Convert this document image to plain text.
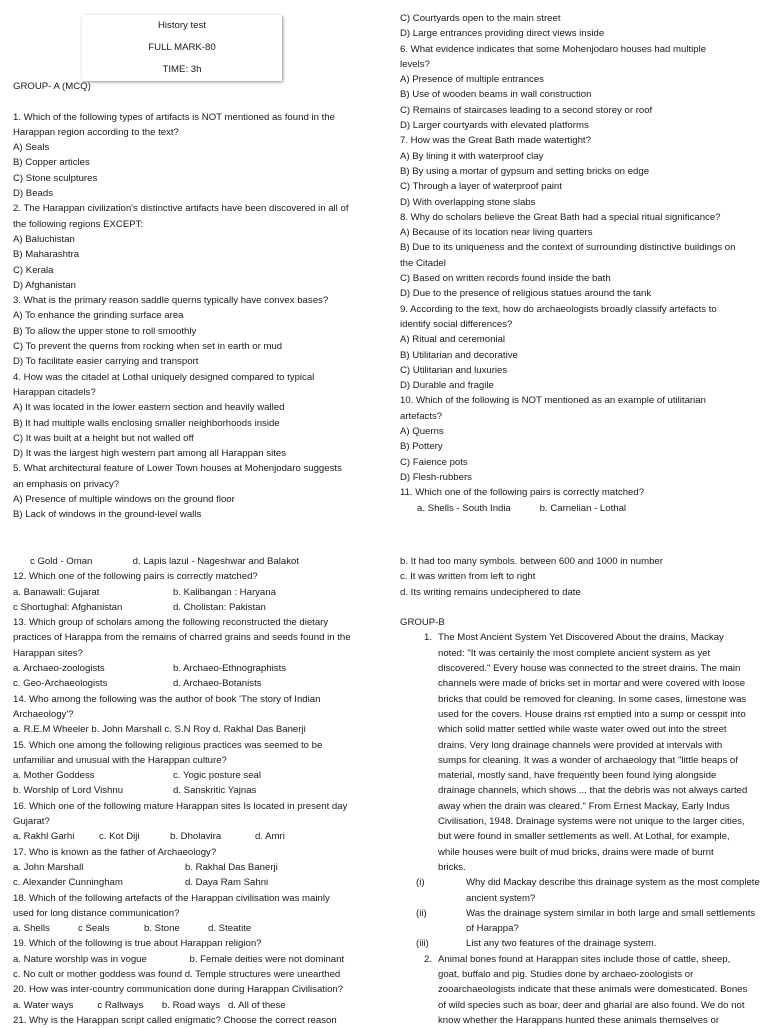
History test
FULL MARK-80
TIME: 3h
GROUP- A (MCQ)
1. Which of the following types of artifacts is NOT mentioned as found in the
Harappan region according to the text?
A) Seals
B) Copper articles
C) Stone sculptures
D) Beads
2. The Harappan civilization's distinctive artifacts have been discovered in all of
the following regions EXCEPT:
A) Baluchistan
B) Maharashtra
C) Kerala
D) Afghanistan
3. What is the primary reason saddle querns typically have convex bases?
A) To enhance the grinding surface area
B) To allow the upper stone to roll smoothly
C) To prevent the querns from rocking when set in earth or mud
D) To facilitate easier carrying and transport
4. How was the citadel at Lothal uniquely designed compared to typical
Harappan citadels?
A) It was located in the lower eastern section and heavily walled
B) It had multiple walls enclosing smaller neighborhoods inside
C) It was built at a height but not walled off
D) It was the largest high western part among all Harappan sites
5. What architectural feature of Lower Town houses at Mohenjodaro suggests
an emphasis on privacy?
A) Presence of multiple windows on the ground floor
B) Lack of windows in the ground-level walls
C) Courtyards open to the main street
D) Large entrances providing direct views inside
6. What evidence indicates that some Mohenjodaro houses had multiple
levels?
A) Presence of multiple entrances
B) Use of wooden beams in wall construction
C) Remains of staircases leading to a second storey or roof
D) Larger courtyards with elevated platforms
7. How was the Great Bath made watertight?
A) By lining it with waterproof clay
B) By using a mortar of gypsum and setting bricks on edge
C) Through a layer of waterproof paint
D) With overlapping stone slabs
8. Why do scholars believe the Great Bath had a special ritual significance?
A) Because of its location near living quarters
B) Due to its uniqueness and the context of surrounding distinctive buildings on
the Citadel
C) Based on written records found inside the bath
D) Due to the presence of religious statues around the tank
9. According to the text, how do archaeologists broadly classify artefacts to
identify social differences?
A) Ritual and ceremonial
B) Utilitarian and decorative
C) Utilitarian and luxuries
D) Durable and fragile
10. Which of the following is NOT mentioned as an example of utilitarian
artefacts?
A) Querns
B) Pottery
C) Faience pots
D) Flesh-rubbers
11. Which one of the following pairs is correctly matched?
a. Shells - South India	b. Carnelian - Lothal
c Gold - Oman	d. Lapis lazul - Nageshwar and Balakot
12. Which one of the following pairs is correctly matched?
a. Banawali: Gujarat	b. Kalibangan : Haryana
c Shortughal: Afghanistan	d. Cholistan: Pakistan
13. Which group of scholars among the following reconstructed the dietary
practices of Harappa from the remains of charred grains and seeds found in the
Harappan sites?
a. Archaeo-zoologists	b. Archaeo-Ethnographists
c. Geo-Archaeologists	d. Archaeo-Botanists
14. Who among the following was the author of book 'The story of Indian
Archaeology'?
a. R.E.M Wheeler b. John Marshall c. S.N Roy d. Rakhal Das Banerji
15. Which one among the following religious practices was seemed to be
unfamiliar and unusual with the Harappan culture?
a. Mother Goddess	c. Yogic posture seal
b. Worshlp of Lord Vishnu	d. Sanskritic Yajnas
16. Which one of the following mature Harappan sites Is located in present day
Gujarat?
a. Rakhl Garhi	c. Kot Diji	b. Dholavira	d. Amri
17. Who is known as the father of Archaeology?
a. John Marshall	b. Rakhal Das Banerji
c. Alexander Cunningham	d. Daya Ram Sahni
18. Which of the following artefacts of the Harappan civilisation was mainly
used for long distance communication?
a. Shells	c Seals	b. Stone	d. Steatite
19. Which of the following is true about Harappan religion?
a. Nature worshlp was in vogue                b. Female deities were not dominant
c. No cult or mother goddess was found d. Temple structures were unearthed
20. How was inter-country communication done during Harappan Civilisation?
a. Water ways         c Rallways       b. Road ways   d. All of these
21. Why is the Harappan script called enigmatic? Choose the correct reason
b. It had too many symbols. between 600 and 1000 in number
c. It was written from left to right
d. Its writing remains undeciphered to date
GROUP-B
1. The Most Ancient System Yet Discovered About the drains, Mackay
noted: "It was certainly the most complete ancient system as yet
discovered." Every house was connected to the street drains. The main
channels were made of bricks set in mortar and were covered with loose
bricks that could be removed for cleaning. In some cases, limestone was
used for the covers. House drains rst emptied into a sump or cesspit into
which solid matter settled while waste water owed out into the street
drains. Very long drainage channels were provided at intervals with
sumps for cleaning. It was a wonder of archaeology that "little heaps of
material, mostly sand, have frequently been found lying alongside
drainage channels, which shows ... that the debris was not always carted
away when the drain was cleared." From Ernest Mackay, Early Indus
Civilisation, 1948. Drainage systems were not unique to the larger cities,
but were found in smaller settlements as well. At Lothal, for example,
while houses were built of mud bricks, drains were made of burnt
bricks.
(i)	Why did Mackay describe this drainage system as the most complete
ancient system?
(ii)	Was the drainage system similar in both large and small settlements
of Harappa?
(iii)	List any two features of the drainage system.
2. Animal bones found at Harappan sites include those of cattle, sheep,
goat, buffalo and pig. Studies done by archaeo-zoologists or
zooarchaeologists indicate that these animals were domesticated. Bones
of wild species such as boar, deer and gharial are also found. We do not
know whether the Harappans hunted these animals themselves or
